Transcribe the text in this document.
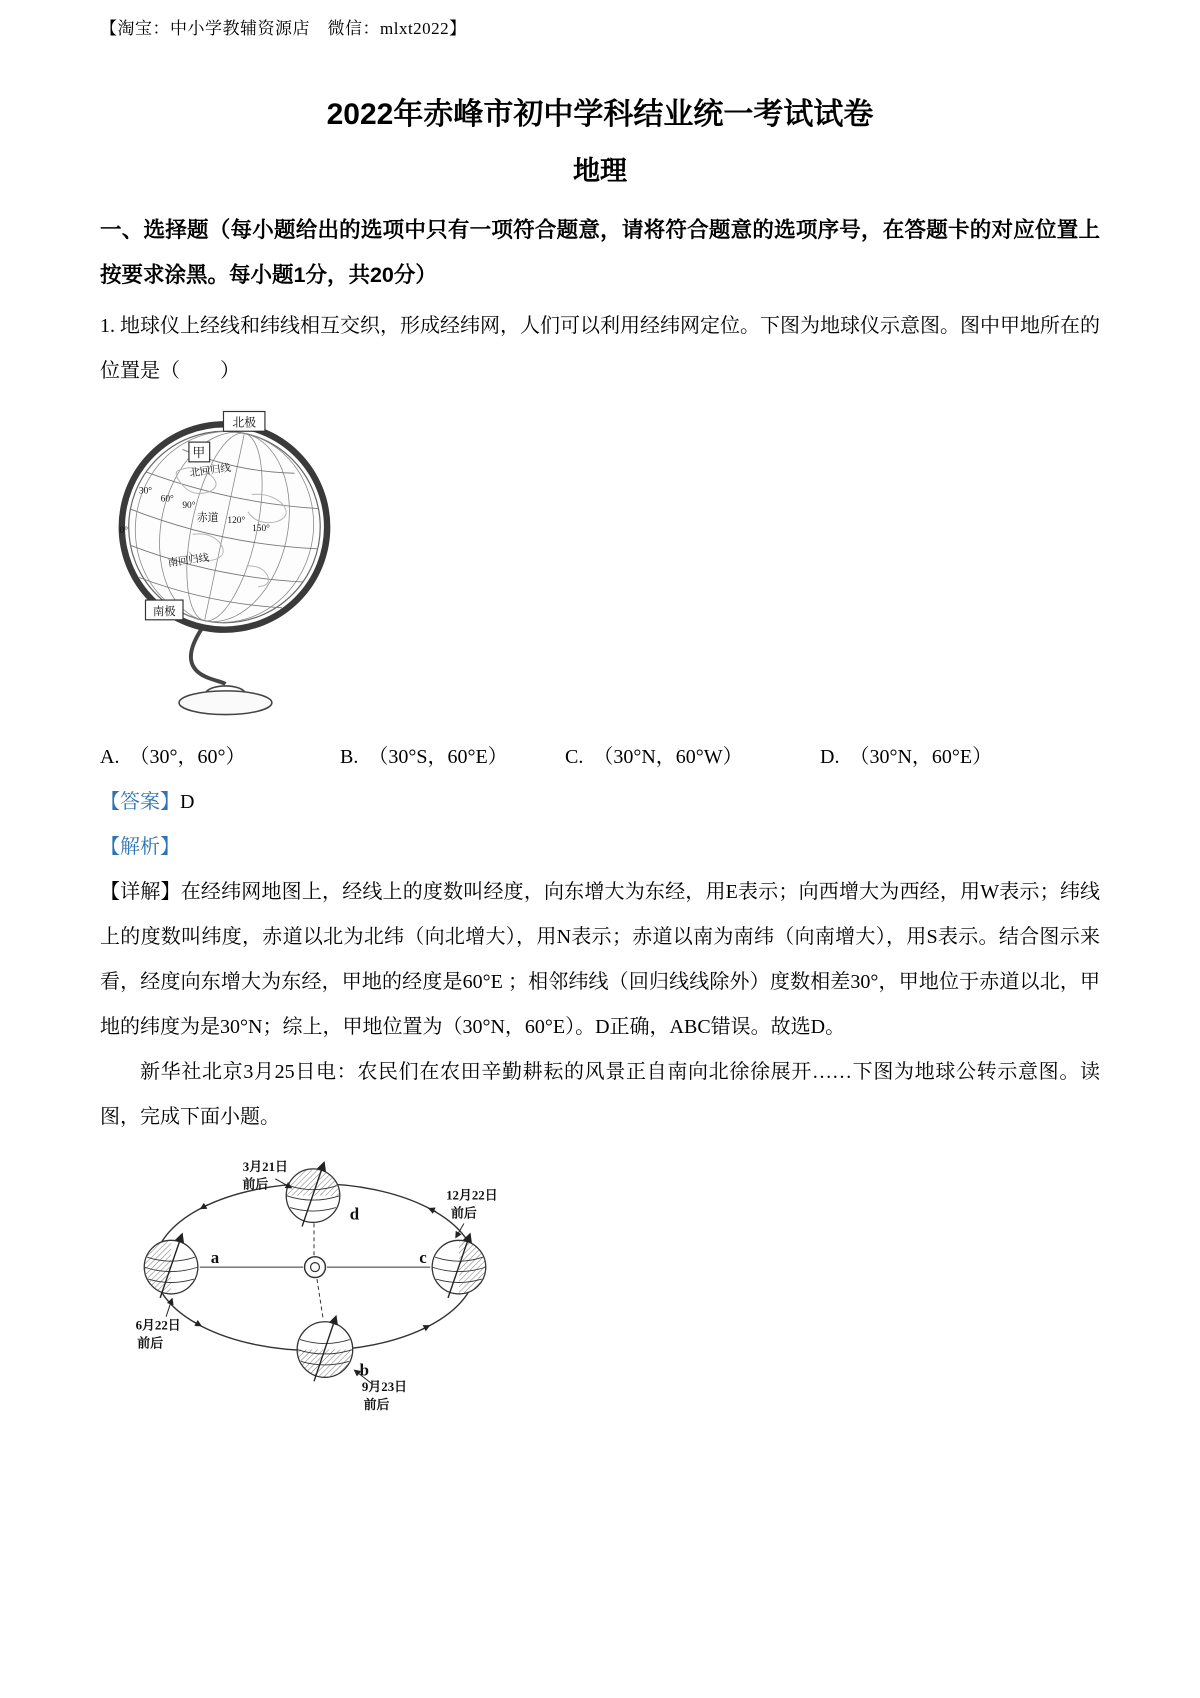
【淘宝：中小学教辅资源店　微信：mlxt2022】
2022年赤峰市初中学科结业统一考试试卷
地理

一、选择题（每小题给出的选项中只有一项符合题意，请将符合题意的选项序号，在答题卡的对应位置上按要求涂黑。每小题1分，共20分）

1. 地球仪上经线和纬线相互交织，形成经纬网，人们可以利用经纬网定位。下图为地球仪示意图。图中甲地所在的位置是（　　）

北极
甲
北回归线
30°
60°
90°
赤道 120°
150°
0°
南回归线
南极
A. （30°，60°）	B. （30°S，60°E）	C. （30°N，60°W）	D. （30°N，60°E）

【答案】D

【解析】

【详解】在经纬网地图上，经线上的度数叫经度，向东增大为东经，用E表示；向西增大为西经，用W表示；纬线上的度数叫纬度，赤道以北为北纬（向北增大），用N表示；赤道以南为南纬（向南增大），用S表示。结合图示来看，经度向东增大为东经，甲地的经度是60°E ；相邻纬线（回归线线除外）度数相差30°，甲地位于赤道以北，甲地的纬度为是30°N；综上，甲地位置为（30°N，60°E）。D正确，ABC错误。故选D。

新华社北京3月25日电：农民们在农田辛勤耕耘的风景正自南向北徐徐展开……下图为地球公转示意图。读图，完成下面小题。

a
d
c
b
3月21日
前后
12月22日
前后
6月22日
前后
9月23日
前后
